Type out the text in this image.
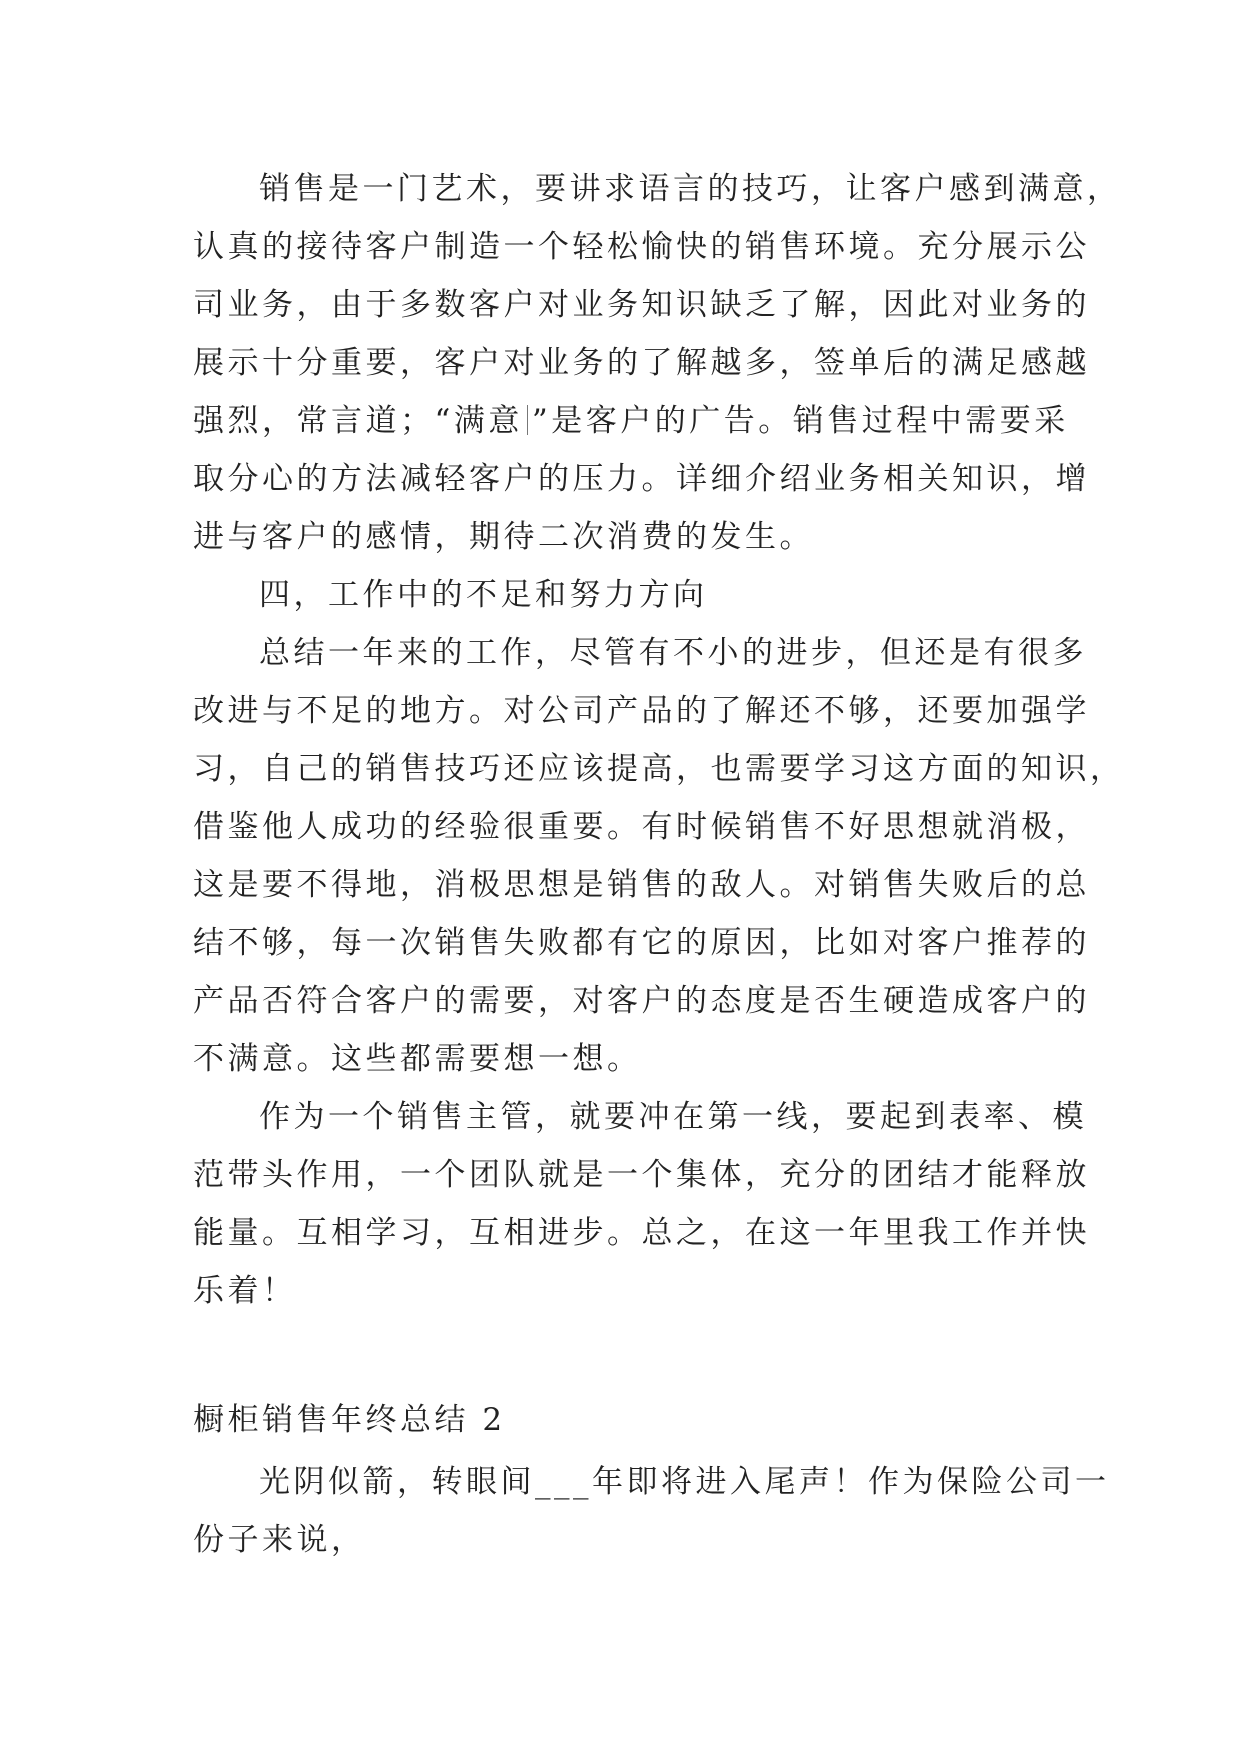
销售是一门艺术，要讲求语言的技巧，让客户感到满意，
认真的接待客户制造一个轻松愉快的销售环境。充分展示公
司业务，由于多数客户对业务知识缺乏了解，因此对业务的
展示十分重要，客户对业务的了解越多，签单后的满足感越
强烈，常言道；“满意 ”是客户的广告。销售过程中需要采
取分心的方法减轻客户的压力。详细介绍业务相关知识，增
进与客户的感情，期待二次消费的发生。
四，工作中的不足和努力方向
总结一年来的工作，尽管有不小的进步，但还是有很多
改进与不足的地方。对公司产品的了解还不够，还要加强学
习，自己的销售技巧还应该提高，也需要学习这方面的知识，
借鉴他人成功的经验很重要。有时候销售不好思想就消极，
这是要不得地，消极思想是销售的敌人。对销售失败后的总
结不够，每一次销售失败都有它的原因，比如对客户推荐的
产品否符合客户的需要，对客户的态度是否生硬造成客户的
不满意。这些都需要想一想。
作为一个销售主管，就要冲在第一线，要起到表率、模
范带头作用，一个团队就是一个集体，充分的团结才能释放
能量。互相学习，互相进步。总之，在这一年里我工作并快
乐着！
橱柜销售年终总结 2
光阴似箭，转眼间___年即将进入尾声！作为保险公司一
份子来说，
